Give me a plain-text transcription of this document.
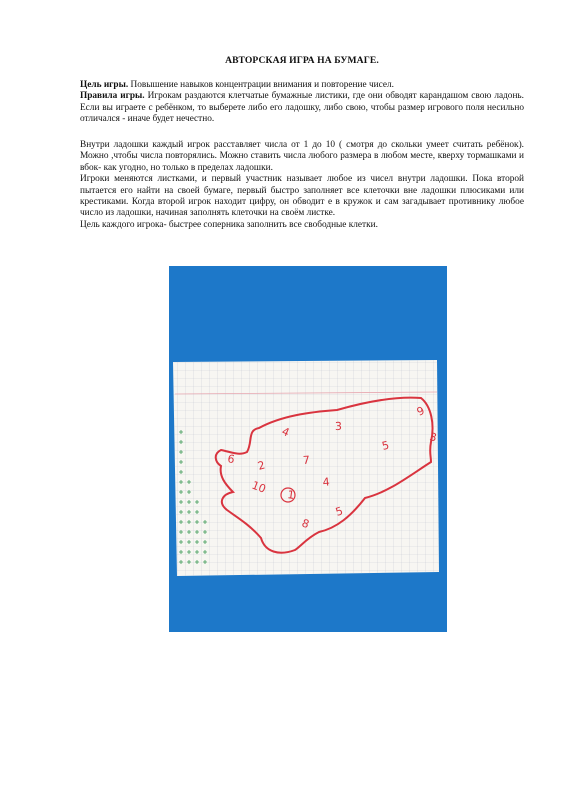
АВТОРСКАЯ ИГРА НА БУМАГЕ.
Цель игры. Повышение навыков концентрации внимания и повторение чисел.
Правила игры. Игрокам раздаются клетчатые бумажные листики, где они обводят карандашом свою ладонь. Если вы играете с ребёнком, то выберете либо его ладошку, либо свою, чтобы размер игрового поля несильно отличался - иначе будет нечестно.
Внутри ладошки каждый игрок расставляет числа от 1 до 10 ( смотря до скольки умеет считать ребёнок). Можно ,чтобы числа повторялись. Можно ставить числа любого размера в любом месте, кверху тормашками и вбок- как угодно, но только в пределах ладошки.
Игроки меняются листками, и первый участник называет любое из чисел внутри ладошки. Пока второй пытается его найти на своей бумаге, первый быстро заполняет все клеточки вне ладошки плюсиками или крестиками. Когда второй игрок находит цифру, он обводит е в кружок и сам загадывает противнику любое число из ладошки, начиная заполнять клеточки на своём листке.
Цель каждого игрока- быстрее соперника заполнить все свободные клетки.
9
3
3
5
4
6	7
2
10 1
4
5
8
